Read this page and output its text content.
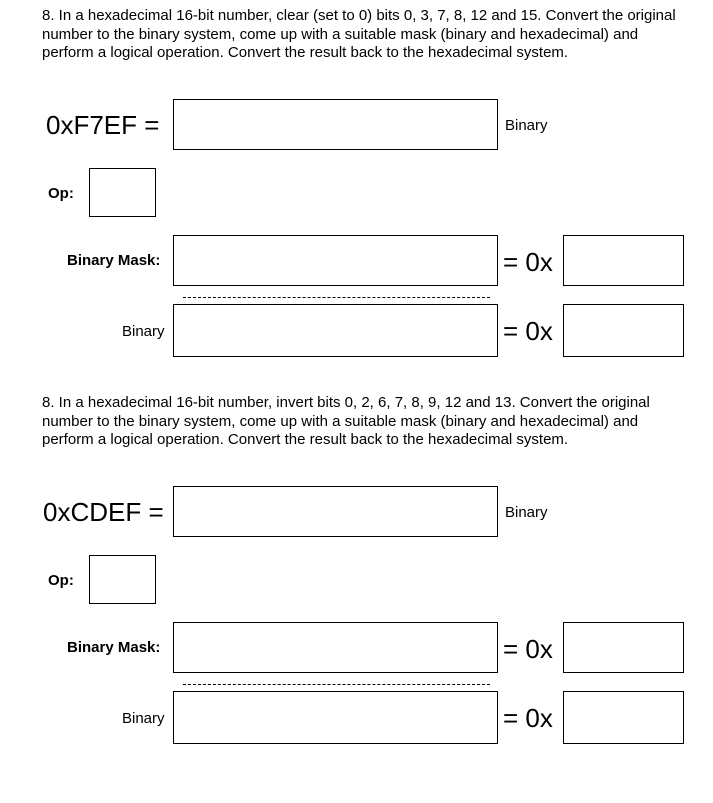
8. In a hexadecimal 16-bit number, clear (set to 0) bits 0, 3, 7, 8, 12 and 15. Convert the original number to the binary system, come up with a suitable mask (binary and hexadecimal) and perform a logical operation. Convert the result back to the hexadecimal system.

0xF7EF =	Binary
Op:
Binary Mask:	= 0x
Binary	= 0x

8. In a hexadecimal 16-bit number, invert bits 0, 2, 6, 7, 8, 9, 12 and 13. Convert the original number to the binary system, come up with a suitable mask (binary and hexadecimal) and perform a logical operation. Convert the result back to the hexadecimal system.

0xCDEF =	Binary
Op:
Binary Mask:	= 0x
Binary	= 0x
